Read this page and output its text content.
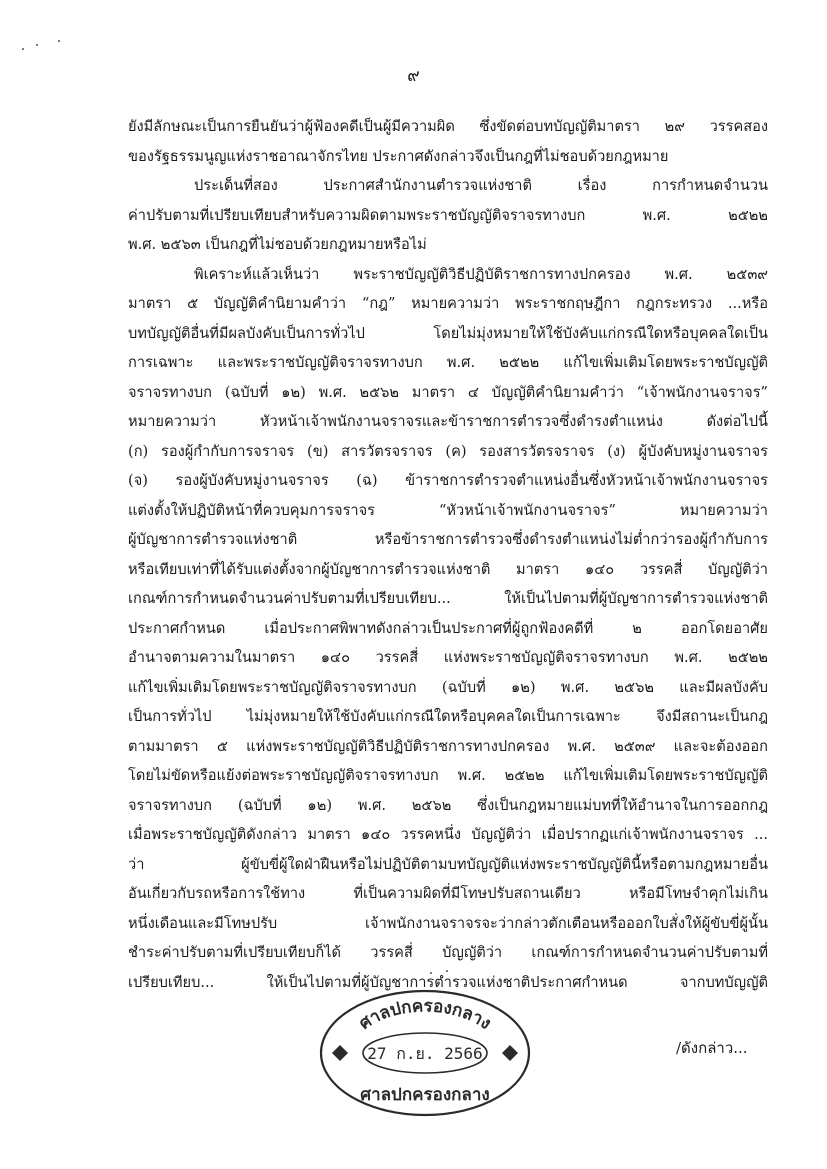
๙
ยังมีลักษณะเป็นการยืนยันว่าผู้ฟ้องคดีเป็นผู้มีความผิด ซึ่งขัดต่อบทบัญญัติมาตรา ๒๙ วรรคสอง
ของรัฐธรรมนูญแห่งราชอาณาจักรไทย ประกาศดังกล่าวจึงเป็นกฎที่ไม่ชอบด้วยกฎหมาย
ประเด็นที่สอง ประกาศสำนักงานตำรวจแห่งชาติ เรื่อง การกำหนดจำนวน
ค่าปรับตามที่เปรียบเทียบสำหรับความผิดตามพระราชบัญญัติจราจรทางบก พ.ศ. ๒๕๒๒
พ.ศ. ๒๕๖๓ เป็นกฎที่ไม่ชอบด้วยกฎหมายหรือไม่
พิเคราะห์แล้วเห็นว่า พระราชบัญญัติวิธีปฏิบัติราชการทางปกครอง พ.ศ. ๒๕๓๙
มาตรา ๕ บัญญัติคำนิยามคำว่า “กฎ” หมายความว่า พระราชกฤษฎีกา กฎกระทรวง ...หรือ
บทบัญญัติอื่นที่มีผลบังคับเป็นการทั่วไป โดยไม่มุ่งหมายให้ใช้บังคับแก่กรณีใดหรือบุคคลใดเป็น
การเฉพาะ และพระราชบัญญัติจราจรทางบก พ.ศ. ๒๕๒๒ แก้ไขเพิ่มเติมโดยพระราชบัญญัติ
จราจรทางบก (ฉบับที่ ๑๒) พ.ศ. ๒๕๖๒ มาตรา ๔ บัญญัติคำนิยามคำว่า “เจ้าพนักงานจราจร”
หมายความว่า หัวหน้าเจ้าพนักงานจราจรและข้าราชการตำรวจซึ่งดำรงตำแหน่ง ดังต่อไปนี้
(ก) รองผู้กำกับการจราจร (ข) สารวัตรจราจร (ค) รองสารวัตรจราจร (ง) ผู้บังคับหมู่งานจราจร
(จ) รองผู้บังคับหมู่งานจราจร (ฉ) ข้าราชการตำรวจตำแหน่งอื่นซึ่งหัวหน้าเจ้าพนักงานจราจร
แต่งตั้งให้ปฏิบัติหน้าที่ควบคุมการจราจร “หัวหน้าเจ้าพนักงานจราจร” หมายความว่า
ผู้บัญชาการตำรวจแห่งชาติ หรือข้าราชการตำรวจซึ่งดำรงตำแหน่งไม่ต่ำกว่ารองผู้กำกับการ
หรือเทียบเท่าที่ได้รับแต่งตั้งจากผู้บัญชาการตำรวจแห่งชาติ มาตรา ๑๔๐ วรรคสี่ บัญญัติว่า
เกณฑ์การกำหนดจำนวนค่าปรับตามที่เปรียบเทียบ... ให้เป็นไปตามที่ผู้บัญชาการตำรวจแห่งชาติ
ประกาศกำหนด เมื่อประกาศพิพาทดังกล่าวเป็นประกาศที่ผู้ถูกฟ้องคดีที่ ๒ ออกโดยอาศัย
อำนาจตามความในมาตรา ๑๔๐ วรรคสี่ แห่งพระราชบัญญัติจราจรทางบก พ.ศ. ๒๕๒๒
แก้ไขเพิ่มเติมโดยพระราชบัญญัติจราจรทางบก (ฉบับที่ ๑๒) พ.ศ. ๒๕๖๒ และมีผลบังคับ
เป็นการทั่วไป ไม่มุ่งหมายให้ใช้บังคับแก่กรณีใดหรือบุคคลใดเป็นการเฉพาะ จึงมีสถานะเป็นกฎ
ตามมาตรา ๕ แห่งพระราชบัญญัติวิธีปฏิบัติราชการทางปกครอง พ.ศ. ๒๕๓๙ และจะต้องออก
โดยไม่ขัดหรือแย้งต่อพระราชบัญญัติจราจรทางบก พ.ศ. ๒๕๒๒ แก้ไขเพิ่มเติมโดยพระราชบัญญัติ
จราจรทางบก (ฉบับที่ ๑๒) พ.ศ. ๒๕๖๒ ซึ่งเป็นกฎหมายแม่บทที่ให้อำนาจในการออกกฎ
เมื่อพระราชบัญญัติดังกล่าว มาตรา ๑๔๐ วรรคหนึ่ง บัญญัติว่า เมื่อปรากฏแก่เจ้าพนักงานจราจร ...
ว่า ผู้ขับขี่ผู้ใดฝ่าฝืนหรือไม่ปฏิบัติตามบทบัญญัติแห่งพระราชบัญญัตินี้หรือตามกฎหมายอื่น
อันเกี่ยวกับรถหรือการใช้ทาง ที่เป็นความผิดที่มีโทษปรับสถานเดียว หรือมีโทษจำคุกไม่เกิน
หนึ่งเดือนและมีโทษปรับ เจ้าพนักงานจราจรจะว่ากล่าวตักเตือนหรือออกใบสั่งให้ผู้ขับขี่ผู้นั้น
ชำระค่าปรับตามที่เปรียบเทียบก็ได้ วรรคสี่ บัญญัติว่า เกณฑ์การกำหนดจำนวนค่าปรับตามที่
เปรียบเทียบ... ให้เป็นไปตามที่ผู้บัญชาการตำรวจแห่งชาติประกาศกำหนด จากบทบัญญัติ
ศาลปกครองกลาง
27 ก.ย. 2566
ศาลปกครองกลาง
/ดังกล่าว...
